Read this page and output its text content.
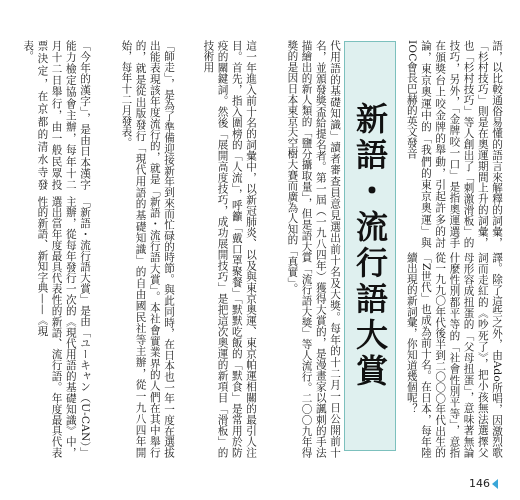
代用語的基礎知識」讀者審查員意見選出前十名及大獎。每年的十二月一日公開前十名，並頒發獎盃給提名者。第一屆（一九八四年）獲得大賞的，是漫畫家以諷刺的手法描繪出的新人類的「鹽分攝取量」，但是語大賞「流行語大獎」等人流行。二〇〇九年得獎的是因日本東京天空樹大賽而廣為人知的「真實」。

這一年進入前十名的詞彙中，以新冠肺炎、以及與東京奧運、東京帕運相關的最引人注目。首先，指入圍榜的「人流」，呼籲「戴口罩聚餐」「默默吃飯的「默食」是常用於防疫的關鍵詞。然後「展開高度技巧，成功展開技巧」是把這次奧運的新項目「滑板」的技術用	語，以比較通俗易懂的語言來解釋的詞彙，「杉村技巧」則是在奧運期間上升的詞彙，也「杉村技巧」等人創出了「刺激滑板」的技巧，另外，「金牌咬一口」是指奧運選手在頒獎台上咬金牌的舉動，引起許多的討論，東京奧運中的「我們的東京奧運」與IOC會長巴赫的英文發音

譯。除了這些之外，由Ado所唱，因激烈歌詞而走紅的《吵死了》，把小孩無法選擇父母形容成扭蛋的「父母扭蛋」，意味著無論什麼性別都平等的「社會性別平等」，意指從一九九〇年代後半到二〇〇〇年代出生的「Z世代」也成為前十名。在日本，每年陸續出現的新詞彙，你知道幾個呢？

「師走」，是為了準備迎接新年到來而忙碌的時節。與此同時，在日本也一年一度在選拔出能表現該年度流行的，就是「新語・流行語大賞」。本社會實業界的人們在其中舉行的，就是從出版發行「現代用語的基礎知識」的自由國民社等主辦，從一九八四年開始，每年十二月發表。

「今年的漢字」，是由日本漢字能力檢定協會主辦，每年十二月十二日舉行，由一般民眾投票決定，在京都的清水寺發表。

「新語・流行語大賞」是由「ユーキャン（U-CAN）」主辦，從每年發行一次的《現代用語的基礎知識》中，選出當年度最具代表性的新語、流行語。年度最具代表性的新語、新知字典——《現	新語・流行語大賞
146
